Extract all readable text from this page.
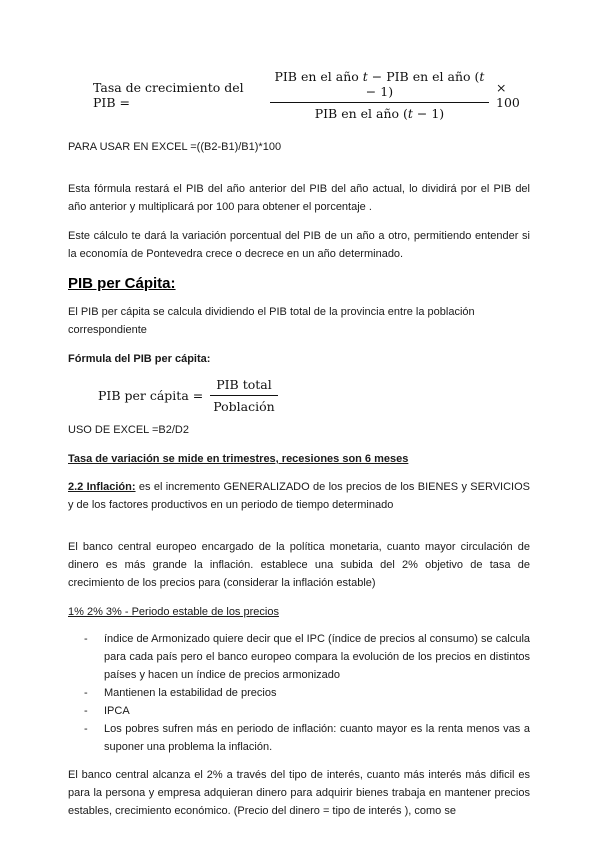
Tasa de crecimiento del PIB =	$\frac{\text{PIB en el año t − PIB en el año (t − 1)}}{\text{PIB en el año (t − 1)}} \times 100$

PARA USAR EN EXCEL =((B2-B1)/B1)*100

Esta fórmula restará el PIB del año anterior del PIB del año actual, lo dividirá por el PIB del año anterior y multiplicará por 100 para obtener el porcentaje .

Este cálculo te dará la variación porcentual del PIB de un año a otro, permitiendo entender si la economía de Pontevedra crece o decrece en un año determinado.

PIB per Cápita:

El PIB per cápita se calcula dividiendo el PIB total de la provincia entre la población correspondiente

Fórmula del PIB per cápita:

PIB per cápita = $\frac{\text{PIB total}}{\text{Población}}$

USO DE EXCEL =B2/D2

Tasa de variación se mide en trimestres, recesiones son 6 meses

2.2 Inflación: es el incremento GENERALIZADO de los precios de los BIENES y SERVICIOS y de los factores productivos en un periodo de tiempo determinado

El banco central europeo encargado de la política monetaria, cuanto mayor circulación de dinero es más grande la inflación. establece una subida del 2% objetivo de tasa de crecimiento de los precios para (considerar la inflación estable)

1% 2% 3% - Periodo estable de los precios

-	índice de Armonizado quiere decir que el IPC (índice de precios al consumo) se calcula para cada país pero el banco europeo compara la evolución de los precios en distintos países y hacen un índice de precios armonizado
-	Mantienen la estabilidad de precios
-	IPCA
-	Los pobres sufren más en periodo de inflación: cuanto mayor es la renta menos vas a suponer una problema la inflación.

El banco central alcanza el 2% a través del tipo de interés, cuanto más interés más dificil es para la persona y empresa adquieran dinero para adquirir bienes trabaja en mantener precios estables, crecimiento económico. (Precio del dinero = tipo de interés ), como se
